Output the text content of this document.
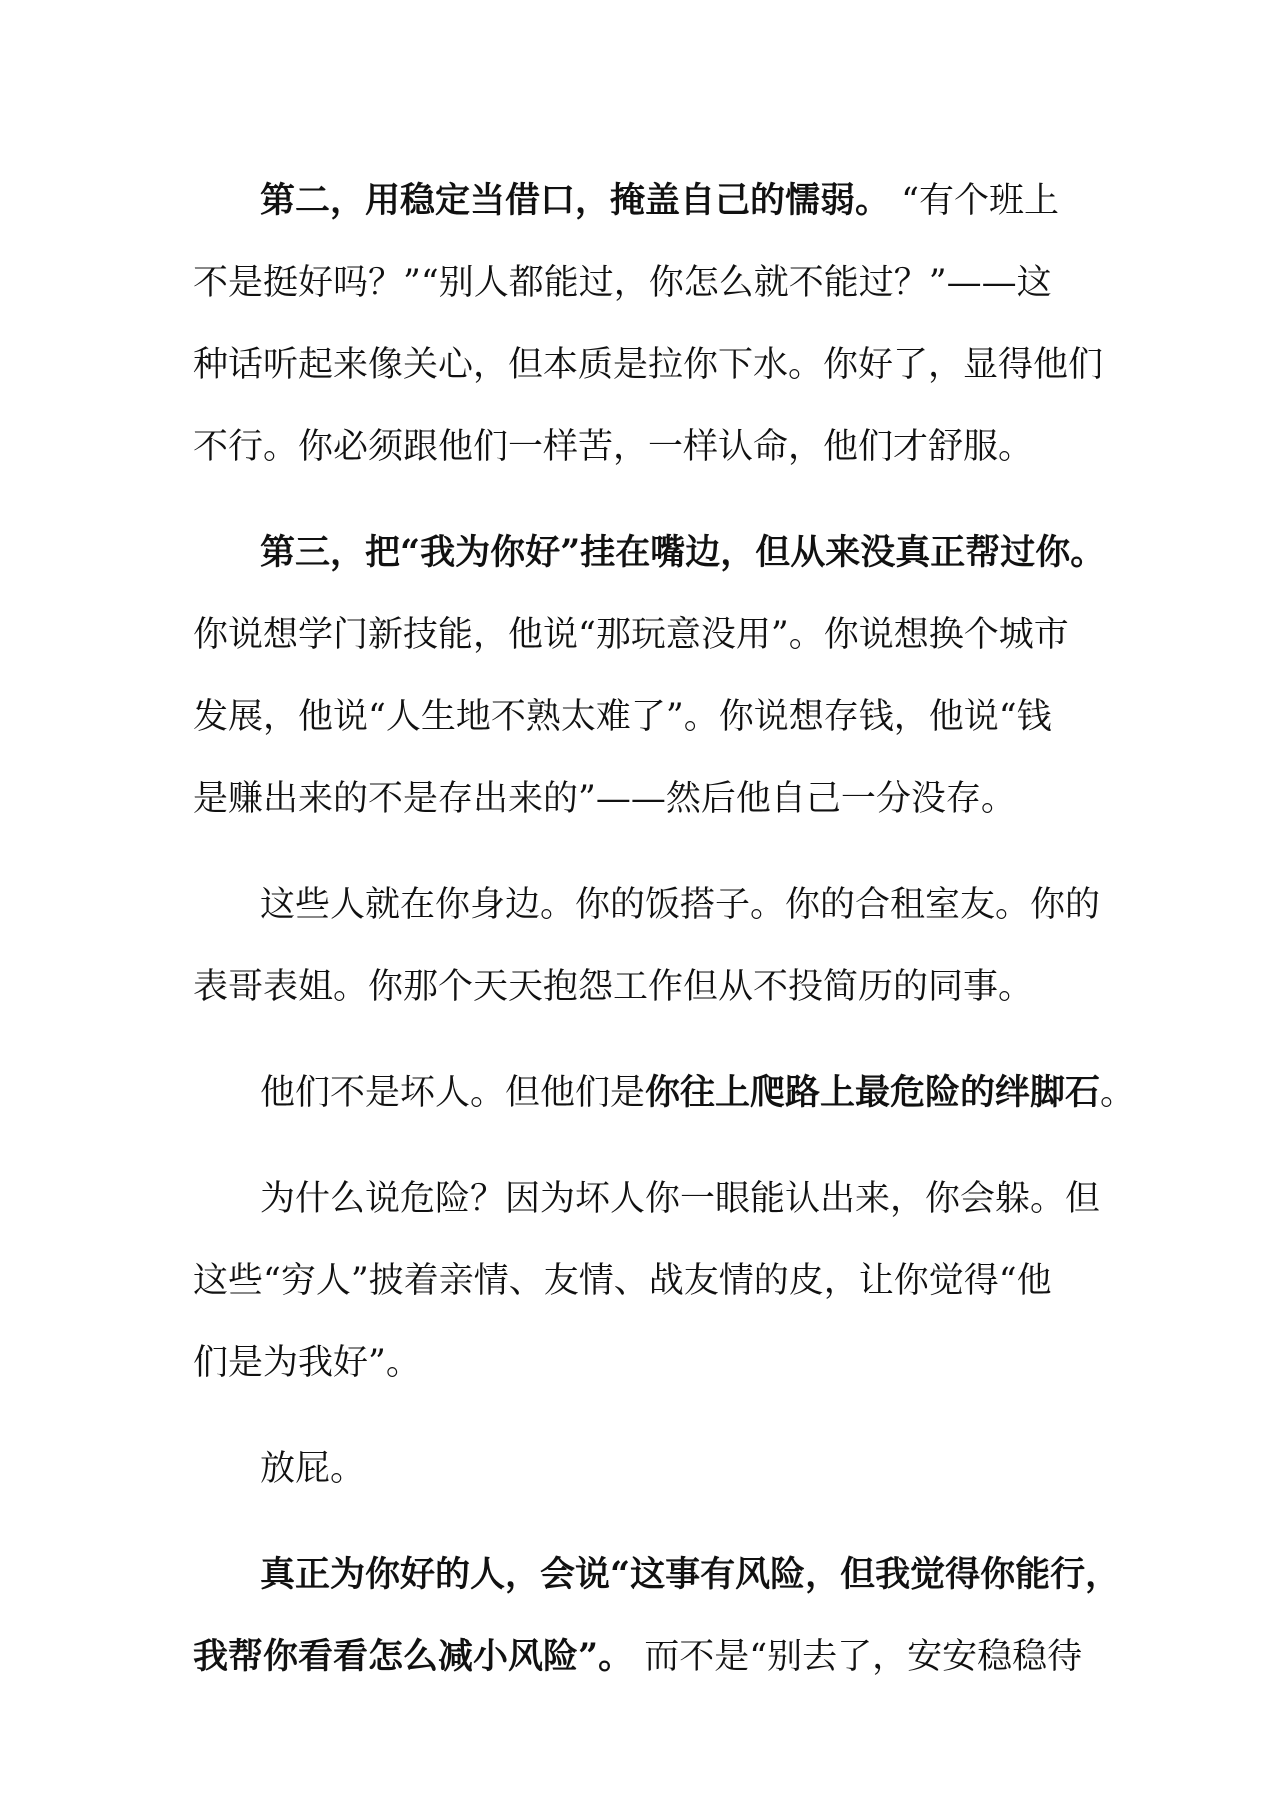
第二，用稳定当借口，掩盖自己的懦弱。 “有个班上
不是挺好吗？”“别人都能过，你怎么就不能过？”——这
种话听起来像关心，但本质是拉你下水。你好了，显得他们
不行。你必须跟他们一样苦，一样认命，他们才舒服。
第三，把“我为你好”挂在嘴边，但从来没真正帮过你。
你说想学门新技能，他说“那玩意没用”。你说想换个城市
发展，他说“人生地不熟太难了”。你说想存钱，他说“钱
是赚出来的不是存出来的”——然后他自己一分没存。
这些人就在你身边。你的饭搭子。你的合租室友。你的
表哥表姐。你那个天天抱怨工作但从不投简历的同事。
他们不是坏人。但他们是你往上爬路上最危险的绊脚石。
为什么说危险？因为坏人你一眼能认出来，你会躲。但
这些“穷人”披着亲情、友情、战友情的皮，让你觉得“他
们是为我好”。
放屁。
真正为你好的人，会说“这事有风险，但我觉得你能行，
我帮你看看怎么减小风险”。 而不是“别去了，安安稳稳待
